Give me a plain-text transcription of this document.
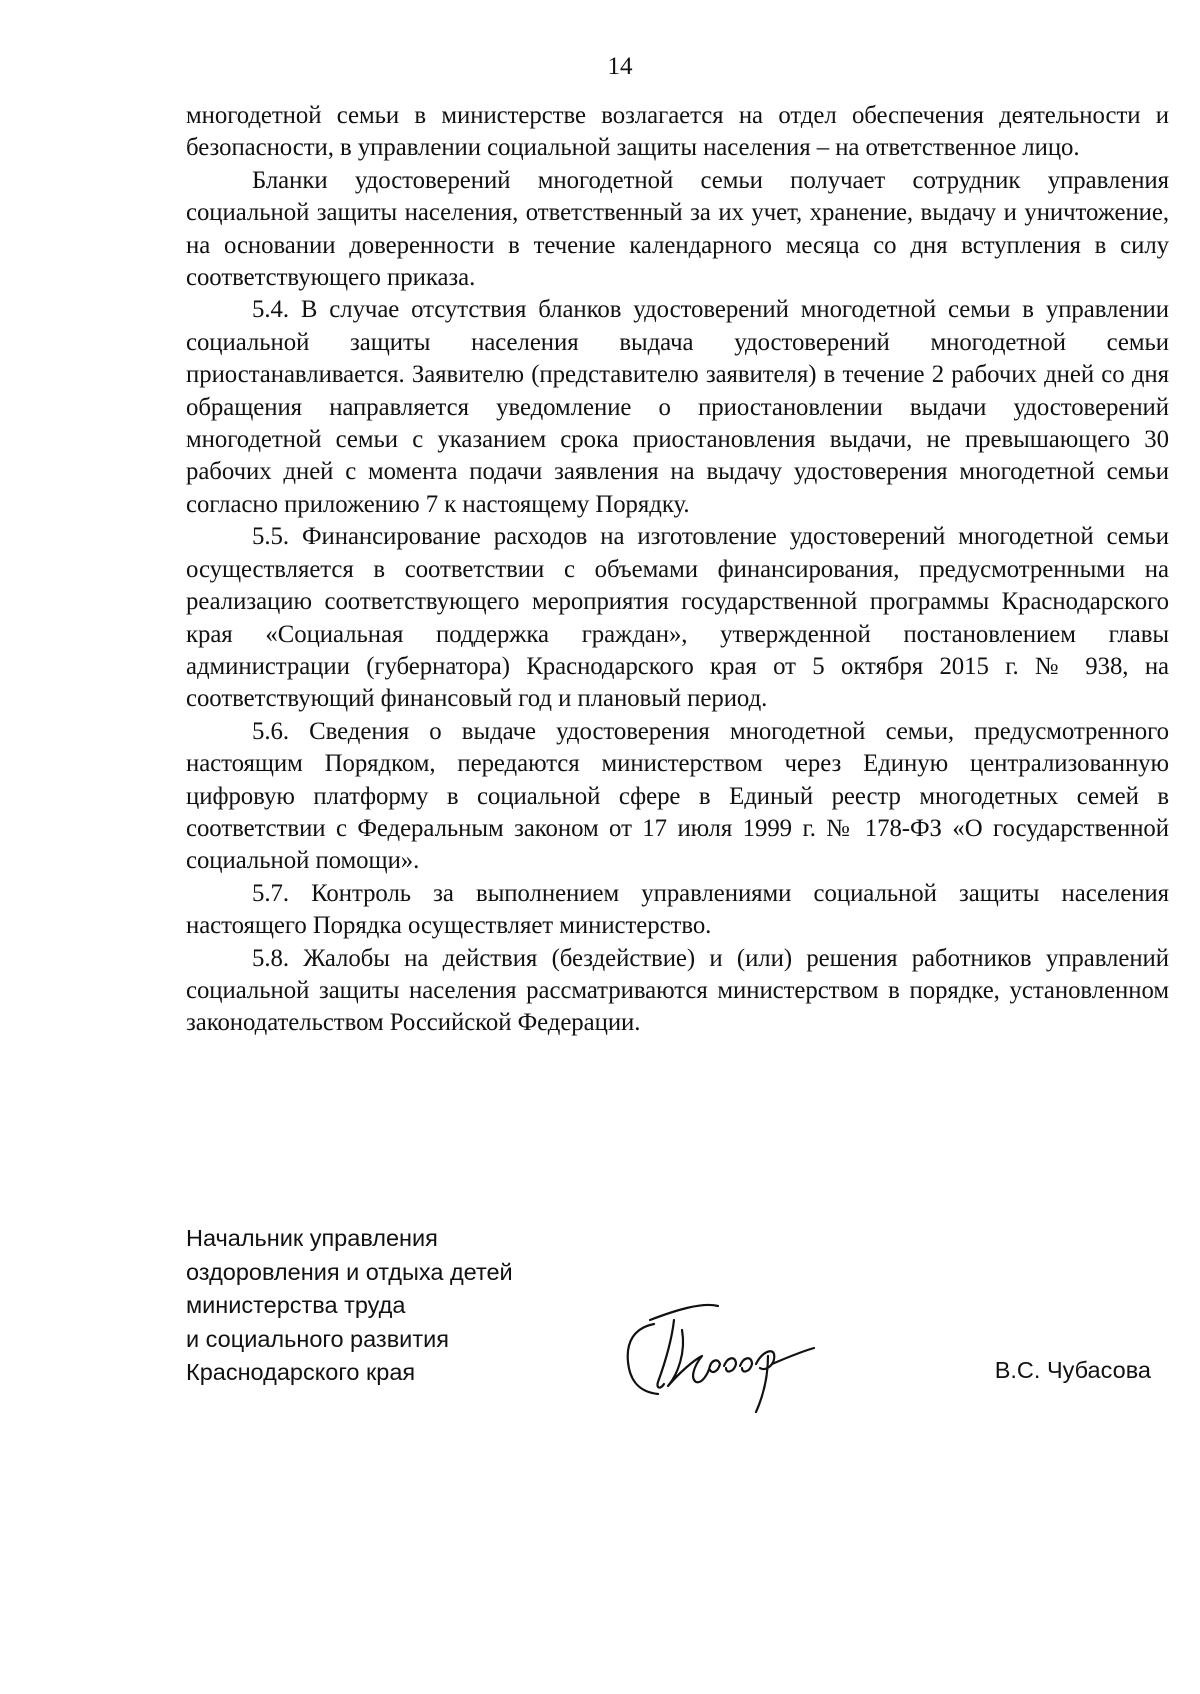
14

многодетной семьи в министерстве возлагается на отдел обеспечения деятельности и безопасности, в управлении социальной защиты населения – на ответственное лицо.

Бланки удостоверений многодетной семьи получает сотрудник управления социальной защиты населения, ответственный за их учет, хранение, выдачу и уничтожение, на основании доверенности в течение календарного месяца со дня вступления в силу соответствующего приказа.

5.4. В случае отсутствия бланков удостоверений многодетной семьи в управлении социальной защиты населения выдача удостоверений многодетной семьи приостанавливается. Заявителю (представителю заявителя) в течение 2 рабочих дней со дня обращения направляется уведомление о приостановлении выдачи удостоверений многодетной семьи с указанием срока приостановления выдачи, не превышающего 30 рабочих дней с момента подачи заявления на выдачу удостоверения многодетной семьи согласно приложению 7 к настоящему Порядку.

5.5. Финансирование расходов на изготовление удостоверений многодетной семьи осуществляется в соответствии с объемами финансирования, предусмотренными на реализацию соответствующего мероприятия государственной программы Краснодарского края «Социальная поддержка граждан», утвержденной постановлением главы администрации (губернатора) Краснодарского края от 5 октября 2015 г. № 938, на соответствующий финансовый год и плановый период.

5.6. Сведения о выдаче удостоверения многодетной семьи, предусмотренного настоящим Порядком, передаются министерством через Единую централизованную цифровую платформу в социальной сфере в Единый реестр многодетных семей в соответствии с Федеральным законом от 17 июля 1999 г. № 178-ФЗ «О государственной социальной помощи».

5.7. Контроль за выполнением управлениями социальной защиты населения настоящего Порядка осуществляет министерство.

5.8. Жалобы на действия (бездействие) и (или) решения работников управлений социальной защиты населения рассматриваются министерством в порядке, установленном законодательством Российской Федерации.

Начальник управления
оздоровления и отдыха детей
министерства труда
и социального развития
Краснодарского края	В.С. Чубасова
